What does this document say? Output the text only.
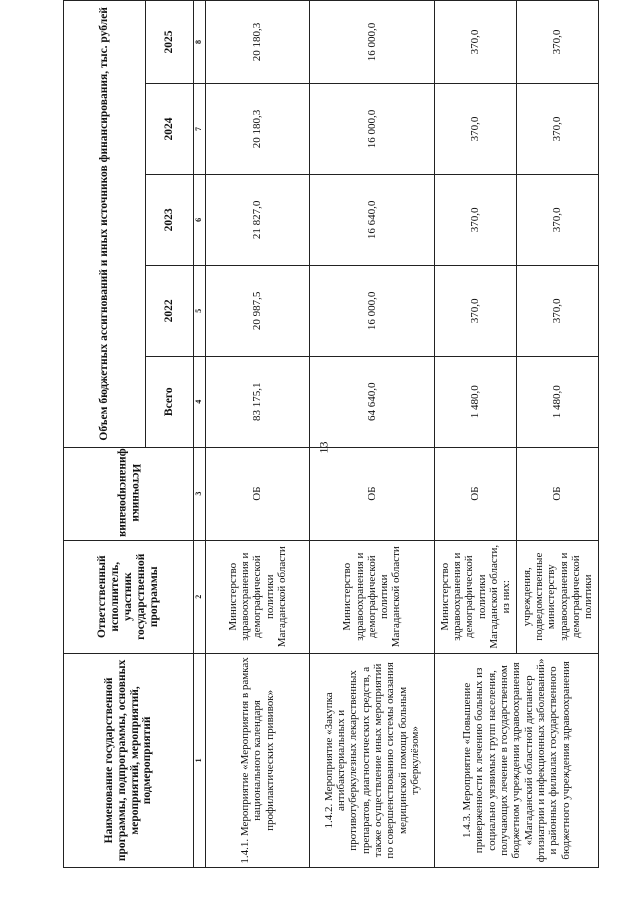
13
Наименование государственной программы, подпрограммы, основных мероприятий, мероприятий, подмероприятий	Ответственный исполнитель, участник государственной программы	Источники финансирования	Объем бюджетных ассигнований и иных источников финансирования, тыс. рублей				
			Всего	2022	2023	2024	2025
1	2	3	4	5	6	7	8
1.4.1. Мероприятие «Мероприятия в рамках национального календаря профилактических прививок»	Министерство здравоохранения и демографической политики Магаданской области	ОБ	83 175,1	20 987,5	21 827,0	20 180,3	20 180,3
1.4.2. Мероприятие «Закупка антибактериальных и противотуберкулезных лекарственных препаратов, диагностических средств, а также осуществление иных мероприятий по совершенствованию системы оказания медицинской помощи больным туберкулёзом»	Министерство здравоохранения и демографической политики Магаданской области	ОБ	64 640,0	16 000,0	16 640,0	16 000,0	16 000,0
1.4.3. Мероприятие «Повышение приверженности к лечению больных из социально уязвимых групп населения, получающих лечение в государственном бюджетном учреждении здравоохранения «Магаданский областной диспансер фтизиатрии и инфекционных заболеваний» и районных филиалах государственного бюджетного учреждения здравоохранения	Министерство здравоохранения и демографической политики Магаданской области, из них:	ОБ	1 480,0	370,0	370,0	370,0	370,0
	учреждения, подведомственные министерству здравоохранения и демографической политики	ОБ	1 480,0	370,0	370,0	370,0	370,0
